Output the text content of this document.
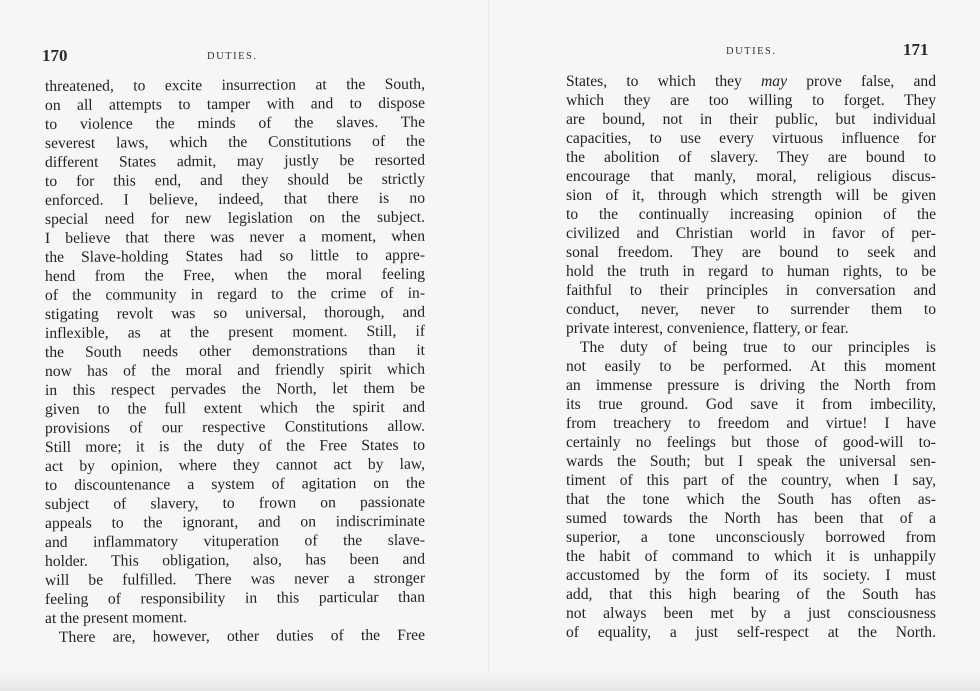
170	DUTIES.
threatened, to excite insurrection at the South,
on all attempts to tamper with and to dispose
to violence the minds of the slaves. The
severest laws, which the Constitutions of the
different States admit, may justly be resorted
to for this end, and they should be strictly
enforced. I believe, indeed, that there is no
special need for new legislation on the subject.
I believe that there was never a moment, when
the Slave-holding States had so little to appre-
hend from the Free, when the moral feeling
of the community in regard to the crime of in-
stigating revolt was so universal, thorough, and
inflexible, as at the present moment. Still, if
the South needs other demonstrations than it
now has of the moral and friendly spirit which
in this respect pervades the North, let them be
given to the full extent which the spirit and
provisions of our respective Constitutions allow.
Still more; it is the duty of the Free States to
act by opinion, where they cannot act by law,
to discountenance a system of agitation on the
subject of slavery, to frown on passionate
appeals to the ignorant, and on indiscriminate
and inflammatory vituperation of the slave-
holder. This obligation, also, has been and
will be fulfilled. There was never a stronger
feeling of responsibility in this particular than
at the present moment.
There are, however, other duties of the Free
DUTIES.	171
States, to which they may prove false, and
which they are too willing to forget. They
are bound, not in their public, but individual
capacities, to use every virtuous influence for
the abolition of slavery. They are bound to
encourage that manly, moral, religious discus-
sion of it, through which strength will be given
to the continually increasing opinion of the
civilized and Christian world in favor of per-
sonal freedom. They are bound to seek and
hold the truth in regard to human rights, to be
faithful to their principles in conversation and
conduct, never, never to surrender them to
private interest, convenience, flattery, or fear.
The duty of being true to our principles is
not easily to be performed. At this moment
an immense pressure is driving the North from
its true ground. God save it from imbecility,
from treachery to freedom and virtue! I have
certainly no feelings but those of good-will to-
wards the South; but I speak the universal sen-
timent of this part of the country, when I say,
that the tone which the South has often as-
sumed towards the North has been that of a
superior, a tone unconsciously borrowed from
the habit of command to which it is unhappily
accustomed by the form of its society. I must
add, that this high bearing of the South has
not always been met by a just consciousness
of equality, a just self-respect at the North.
